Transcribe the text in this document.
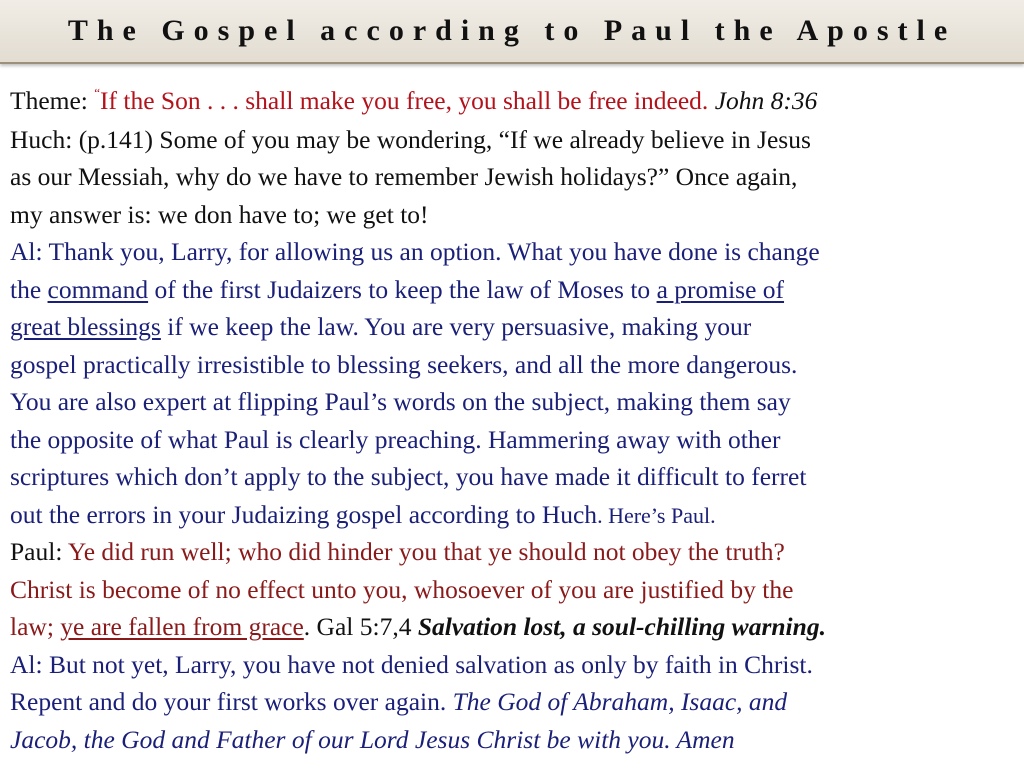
The Gospel according to Paul the Apostle
Theme: “If the Son . . . shall make you free, you shall be free indeed. John 8:36
Huch: (p.141) Some of you may be wondering, “If we already believe in Jesus
as our Messiah, why do we have to remember Jewish holidays?” Once again,
my answer is: we don have to; we get to!
Al: Thank you, Larry, for allowing us an option. What you have done is change
the command of the first Judaizers to keep the law of Moses to a promise of
great blessings if we keep the law. You are very persuasive, making your
gospel practically irresistible to blessing seekers, and all the more dangerous.
You are also expert at flipping Paul’s words on the subject, making them say
the opposite of what Paul is clearly preaching. Hammering away with other
scriptures which don’t apply to the subject, you have made it difficult to ferret
out the errors in your Judaizing gospel according to Huch. Here’s Paul.
Paul: Ye did run well; who did hinder you that ye should not obey the truth?
Christ is become of no effect unto you, whosoever of you are justified by the
law; ye are fallen from grace. Gal 5:7,4 Salvation lost, a soul-chilling warning.
Al: But not yet, Larry, you have not denied salvation as only by faith in Christ.
Repent and do your first works over again. The God of Abraham, Isaac, and
Jacob, the God and Father of our Lord Jesus Christ be with you. Amen
